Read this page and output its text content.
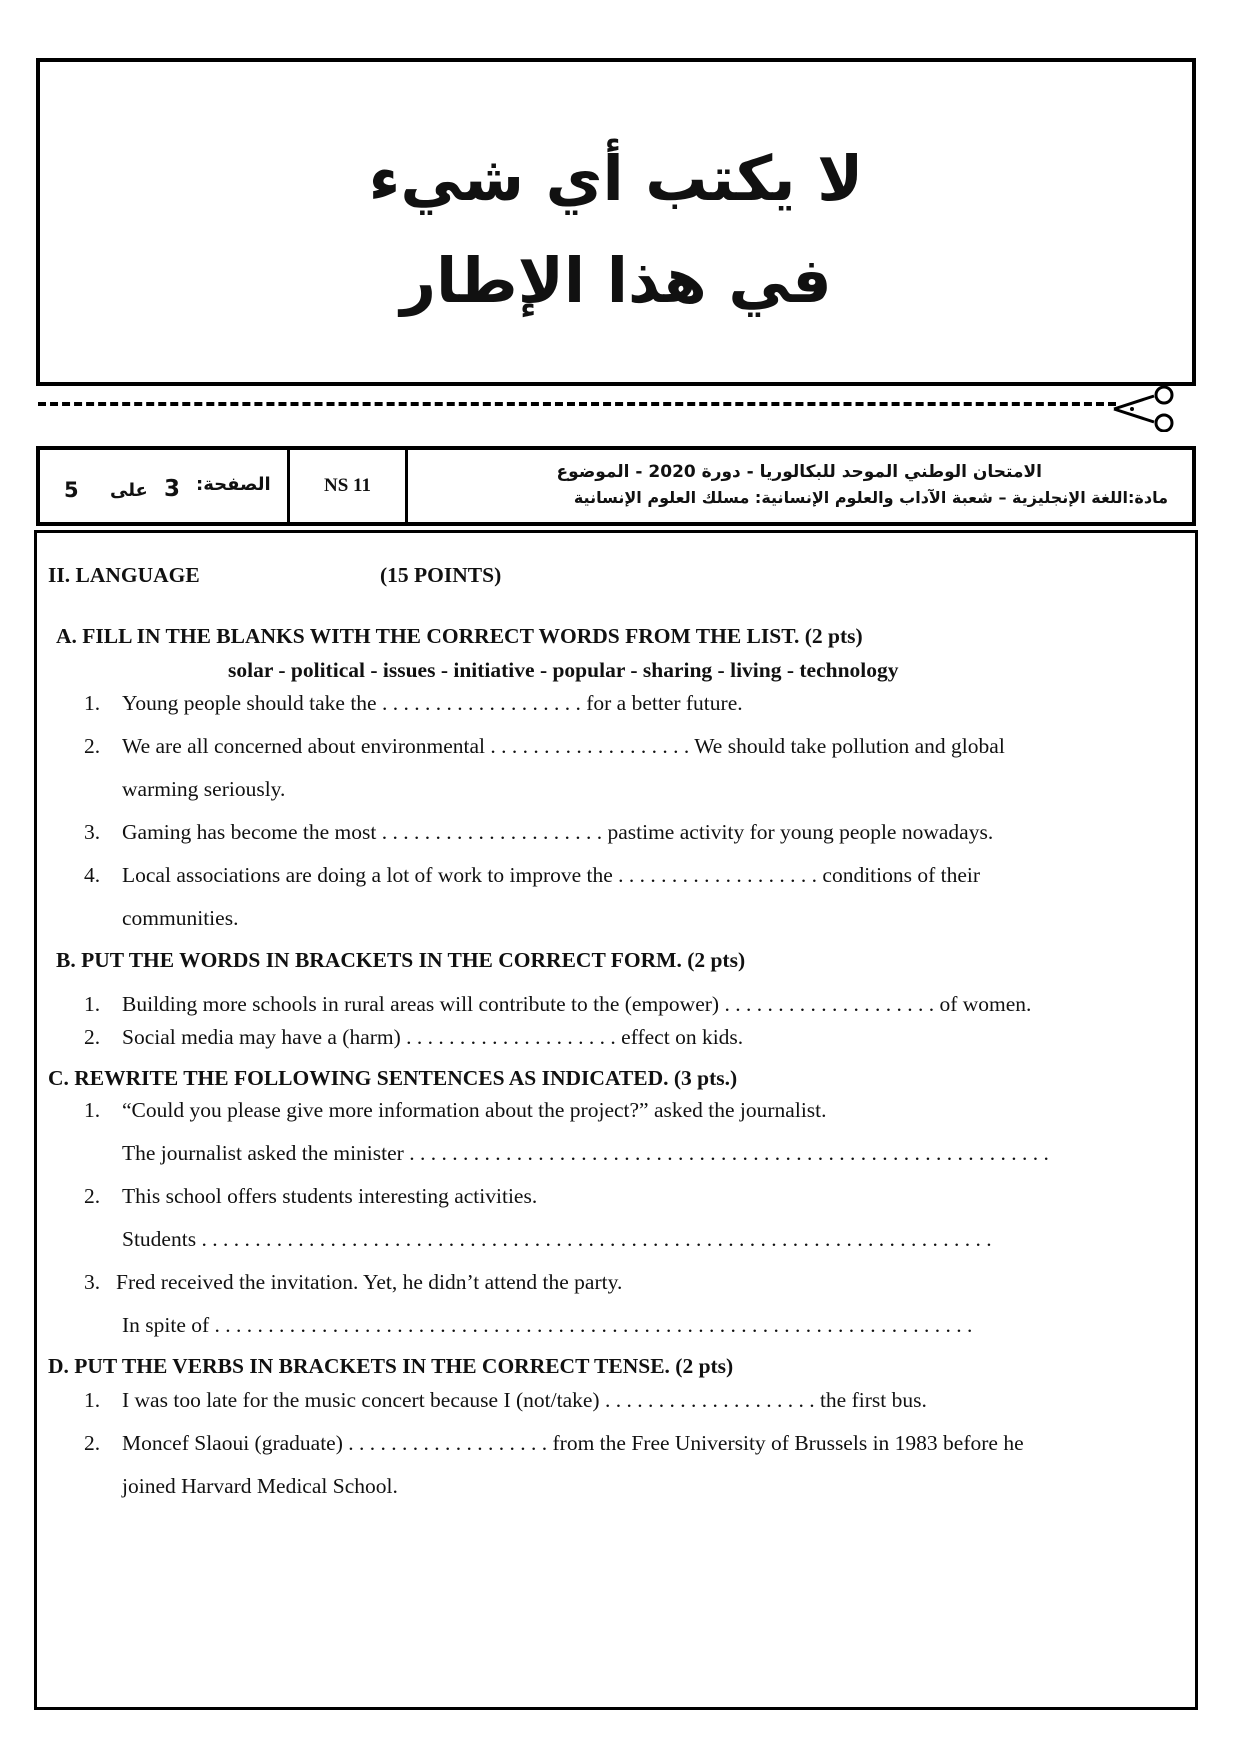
لا يكتب أي شيء
في هذا الإطار
5 على 3 الصفحة:	NS 11
الامتحان الوطني الموحد للبكالوريا - دورة 2020 - الموضوع
مادة:اللغة الإنجليزية – شعبة الآداب والعلوم الإنسانية: مسلك العلوم الإنسانية
II. LANGUAGE	(15 POINTS)
A. FILL IN THE BLANKS WITH THE CORRECT WORDS FROM THE LIST. (2 pts)
solar - political - issues - initiative - popular - sharing - living - technology
1. Young people should take the . . . . . . . . . . . . . . . . . . . for a better future.
2. We are all concerned about environmental . . . . . . . . . . . . . . . . . . . We should take pollution and global
warming seriously.
3. Gaming has become the most . . . . . . . . . . . . . . . . . . . . . pastime activity for young people nowadays.
4. Local associations are doing a lot of work to improve the . . . . . . . . . . . . . . . . . . . conditions of their
communities.
B. PUT THE WORDS IN BRACKETS IN THE CORRECT FORM. (2 pts)
1. Building more schools in rural areas will contribute to the (empower) . . . . . . . . . . . . . . . . . . . . of women.
2. Social media may have a (harm) . . . . . . . . . . . . . . . . . . . . effect on kids.
C. REWRITE THE FOLLOWING SENTENCES AS INDICATED. (3 pts.)
1. “Could you please give more information about the project?” asked the journalist.
The journalist asked the minister . . . . . . . . . . . . . . . . . . . . . . . . . . . . . . . . . . . . . . . . . . . . . . . . . . . . . . . . . . . .
2. This school offers students interesting activities.
Students . . . . . . . . . . . . . . . . . . . . . . . . . . . . . . . . . . . . . . . . . . . . . . . . . . . . . . . . . . . . . . . . . . . . . . . . . .
3. Fred received the invitation. Yet, he didn’t attend the party.
In spite of . . . . . . . . . . . . . . . . . . . . . . . . . . . . . . . . . . . . . . . . . . . . . . . . . . . . . . . . . . . . . . . . . . . . . . .
D. PUT THE VERBS IN BRACKETS IN THE CORRECT TENSE. (2 pts)
1. I was too late for the music concert because I (not/take) . . . . . . . . . . . . . . . . . . . . the first bus.
2. Moncef Slaoui (graduate) . . . . . . . . . . . . . . . . . . . from the Free University of Brussels in 1983 before he
joined Harvard Medical School.
